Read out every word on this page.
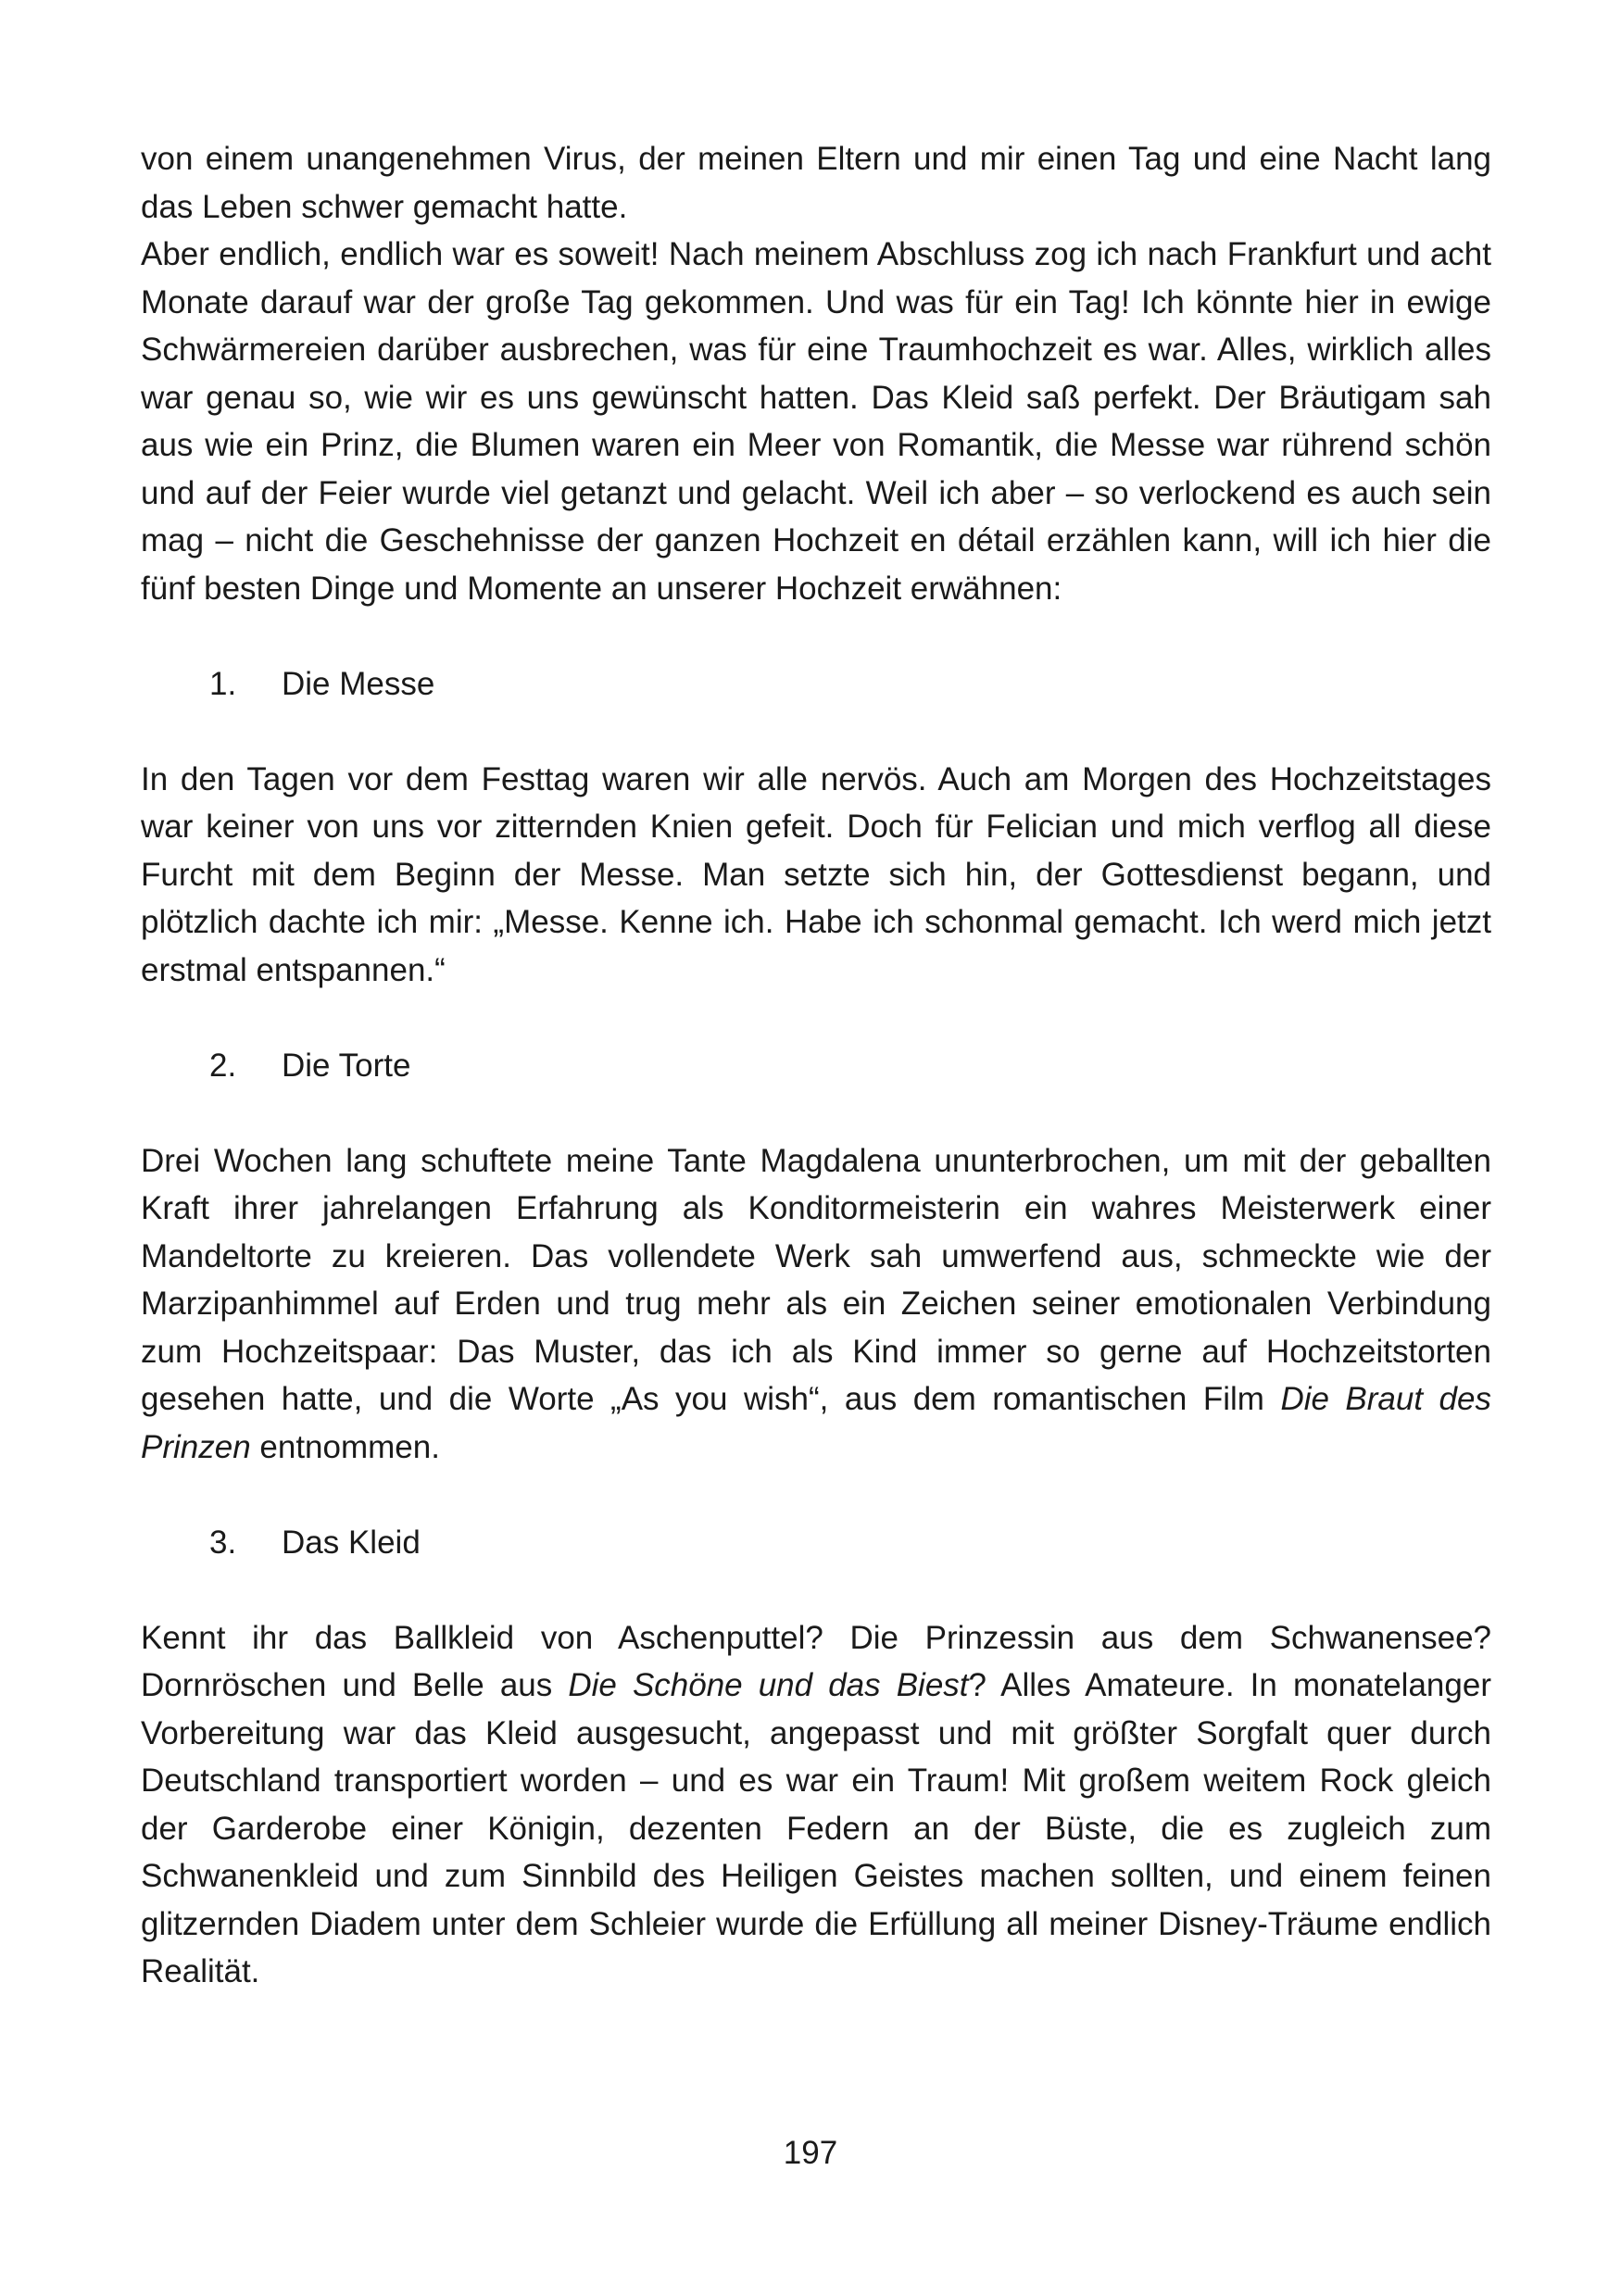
von einem unangenehmen Virus, der meinen Eltern und mir einen Tag und eine Nacht lang das Leben schwer gemacht hatte.

Aber endlich, endlich war es soweit! Nach meinem Abschluss zog ich nach Frankfurt und acht Monate darauf war der große Tag gekommen. Und was für ein Tag! Ich könnte hier in ewige Schwärmereien darüber ausbrechen, was für eine Traumhochzeit es war. Alles, wirklich alles war genau so, wie wir es uns gewünscht hatten. Das Kleid saß perfekt. Der Bräutigam sah aus wie ein Prinz, die Blumen waren ein Meer von Romantik, die Messe war rührend schön und auf der Feier wurde viel getanzt und gelacht. Weil ich aber – so verlockend es auch sein mag – nicht die Geschehnisse der ganzen Hochzeit en détail erzählen kann, will ich hier die fünf besten Dinge und Momente an unserer Hochzeit erwähnen:

1.	Die Messe

In den Tagen vor dem Festtag waren wir alle nervös. Auch am Morgen des Hochzeitstages war keiner von uns vor zitternden Knien gefeit. Doch für Felician und mich verflog all diese Furcht mit dem Beginn der Messe. Man setzte sich hin, der Gottesdienst begann, und plötzlich dachte ich mir: „Messe. Kenne ich. Habe ich schonmal gemacht. Ich werd mich jetzt erstmal entspannen.“

2.	Die Torte

Drei Wochen lang schuftete meine Tante Magdalena ununterbrochen, um mit der geballten Kraft ihrer jahrelangen Erfahrung als Konditormeisterin ein wahres Meisterwerk einer Mandeltorte zu kreieren. Das vollendete Werk sah umwerfend aus, schmeckte wie der Marzipanhimmel auf Erden und trug mehr als ein Zeichen seiner emotionalen Verbindung zum Hochzeitspaar: Das Muster, das ich als Kind immer so gerne auf Hochzeitstorten gesehen hatte, und die Worte „As you wish“, aus dem romantischen Film Die Braut des Prinzen entnommen.

3.	Das Kleid

Kennt ihr das Ballkleid von Aschenputtel? Die Prinzessin aus dem Schwanensee? Dornröschen und Belle aus Die Schöne und das Biest? Alles Amateure. In monatelanger Vorbereitung war das Kleid ausgesucht, angepasst und mit größter Sorgfalt quer durch Deutschland transportiert worden – und es war ein Traum! Mit großem weitem Rock gleich der Garderobe einer Königin, dezenten Federn an der Büste, die es zugleich zum Schwanenkleid und zum Sinnbild des Heiligen Geistes machen sollten, und einem feinen glitzernden Diadem unter dem Schleier wurde die Erfüllung all meiner Disney-Träume endlich Realität.

197
